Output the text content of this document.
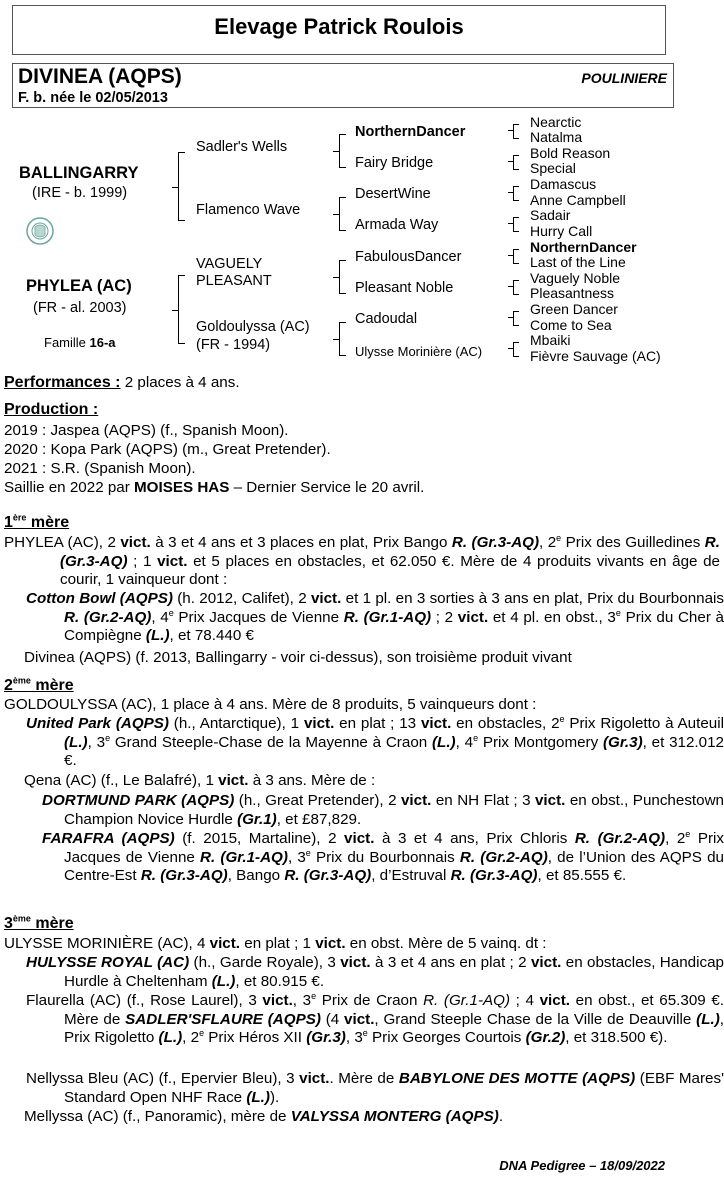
Elevage Patrick Roulois
DIVINEA (AQPS)	POULINIERE
F. b. née le 02/05/2013
BALLINGARRY
(IRE - b. 1999)
PHYLEA (AC)
(FR - al. 2003)
Famille 16-a
Sadler's Wells
Flamenco Wave
VAGUELY PLEASANT
Goldoulyssa (AC)(FR - 1994)
NorthernDancer
Fairy Bridge
DesertWine
Armada Way
FabulousDancer
Pleasant Noble
Cadoudal
Ulysse Morinière (AC)
Nearctic
Natalma
Bold Reason
Special
Damascus
Anne Campbell
Sadair
Hurry Call
NorthernDancer
Last of the Line
Vaguely Noble
Pleasantness
Green Dancer
Come to Sea
Mbaiki
Fièvre Sauvage (AC)
Performances : 2 places à 4 ans.
Production :
2019 : Jaspea (AQPS) (f., Spanish Moon).
2020 : Kopa Park (AQPS) (m., Great Pretender).
2021 : S.R. (Spanish Moon).
Saillie en 2022 par MOISES HAS – Dernier Service le 20 avril.
1ère mère
PHYLEA (AC), 2 vict. à 3 et 4 ans et 3 places en plat, Prix Bango R. (Gr.3-AQ), 2e Prix des Guilledines R. (Gr.3-AQ) ; 1 vict. et 5 places en obstacles, et 62.050 €. Mère de 4 produits vivants en âge de courir, 1 vainqueur dont :
Cotton Bowl (AQPS) (h. 2012, Califet), 2 vict. et 1 pl. en 3 sorties à 3 ans en plat, Prix du Bourbonnais R. (Gr.2-AQ), 4e Prix Jacques de Vienne R. (Gr.1-AQ) ; 2 vict. et 4 pl. en obst., 3e Prix du Cher à Compiègne (L.), et 78.440 €
Divinea (AQPS) (f. 2013, Ballingarry - voir ci-dessus), son troisième produit vivant
2ème mère
GOLDOULYSSA (AC), 1 place à 4 ans. Mère de 8 produits, 5 vainqueurs dont :
United Park (AQPS) (h., Antarctique), 1 vict. en plat ; 13 vict. en obstacles, 2e Prix Rigoletto à Auteuil (L.), 3e Grand Steeple-Chase de la Mayenne à Craon (L.), 4e Prix Montgomery (Gr.3), et 312.012 €.
Qena (AC) (f., Le Balafré), 1 vict. à 3 ans. Mère de :
DORTMUND PARK (AQPS) (h., Great Pretender), 2 vict. en NH Flat ; 3 vict. en obst., Punchestown Champion Novice Hurdle (Gr.1), et £87,829.
FARAFRA (AQPS) (f. 2015, Martaline), 2 vict. à 3 et 4 ans, Prix Chloris R. (Gr.2-AQ), 2e Prix Jacques de Vienne R. (Gr.1-AQ), 3e Prix du Bourbonnais R. (Gr.2-AQ), de l’Union des AQPS du Centre-Est R. (Gr.3-AQ), Bango R. (Gr.3-AQ), d’Estruval R. (Gr.3-AQ), et 85.555 €.
3ème mère
ULYSSE MORINIÈRE (AC), 4 vict. en plat ; 1 vict. en obst. Mère de 5 vainq. dt :
HULYSSE ROYAL (AC) (h., Garde Royale), 3 vict. à 3 et 4 ans en plat ; 2 vict. en obstacles, Handicap Hurdle à Cheltenham (L.), et 80.915 €.
Flaurella (AC) (f., Rose Laurel), 3 vict., 3e Prix de Craon R. (Gr.1-AQ) ; 4 vict. en obst., et 65.309 €. Mère de SADLER'SFLAURE (AQPS) (4 vict., Grand Steeple Chase de la Ville de Deauville (L.), Prix Rigoletto (L.), 2e Prix Héros XII (Gr.3), 3e Prix Georges Courtois (Gr.2), et 318.500 €).
Nellyssa Bleu (AC) (f., Epervier Bleu), 3 vict.. Mère de BABYLONE DES MOTTE (AQPS) (EBF Mares' Standard Open NHF Race (L.)).
Mellyssa (AC) (f., Panoramic), mère de VALYSSA MONTERG (AQPS).
DNA Pedigree – 18/09/2022
